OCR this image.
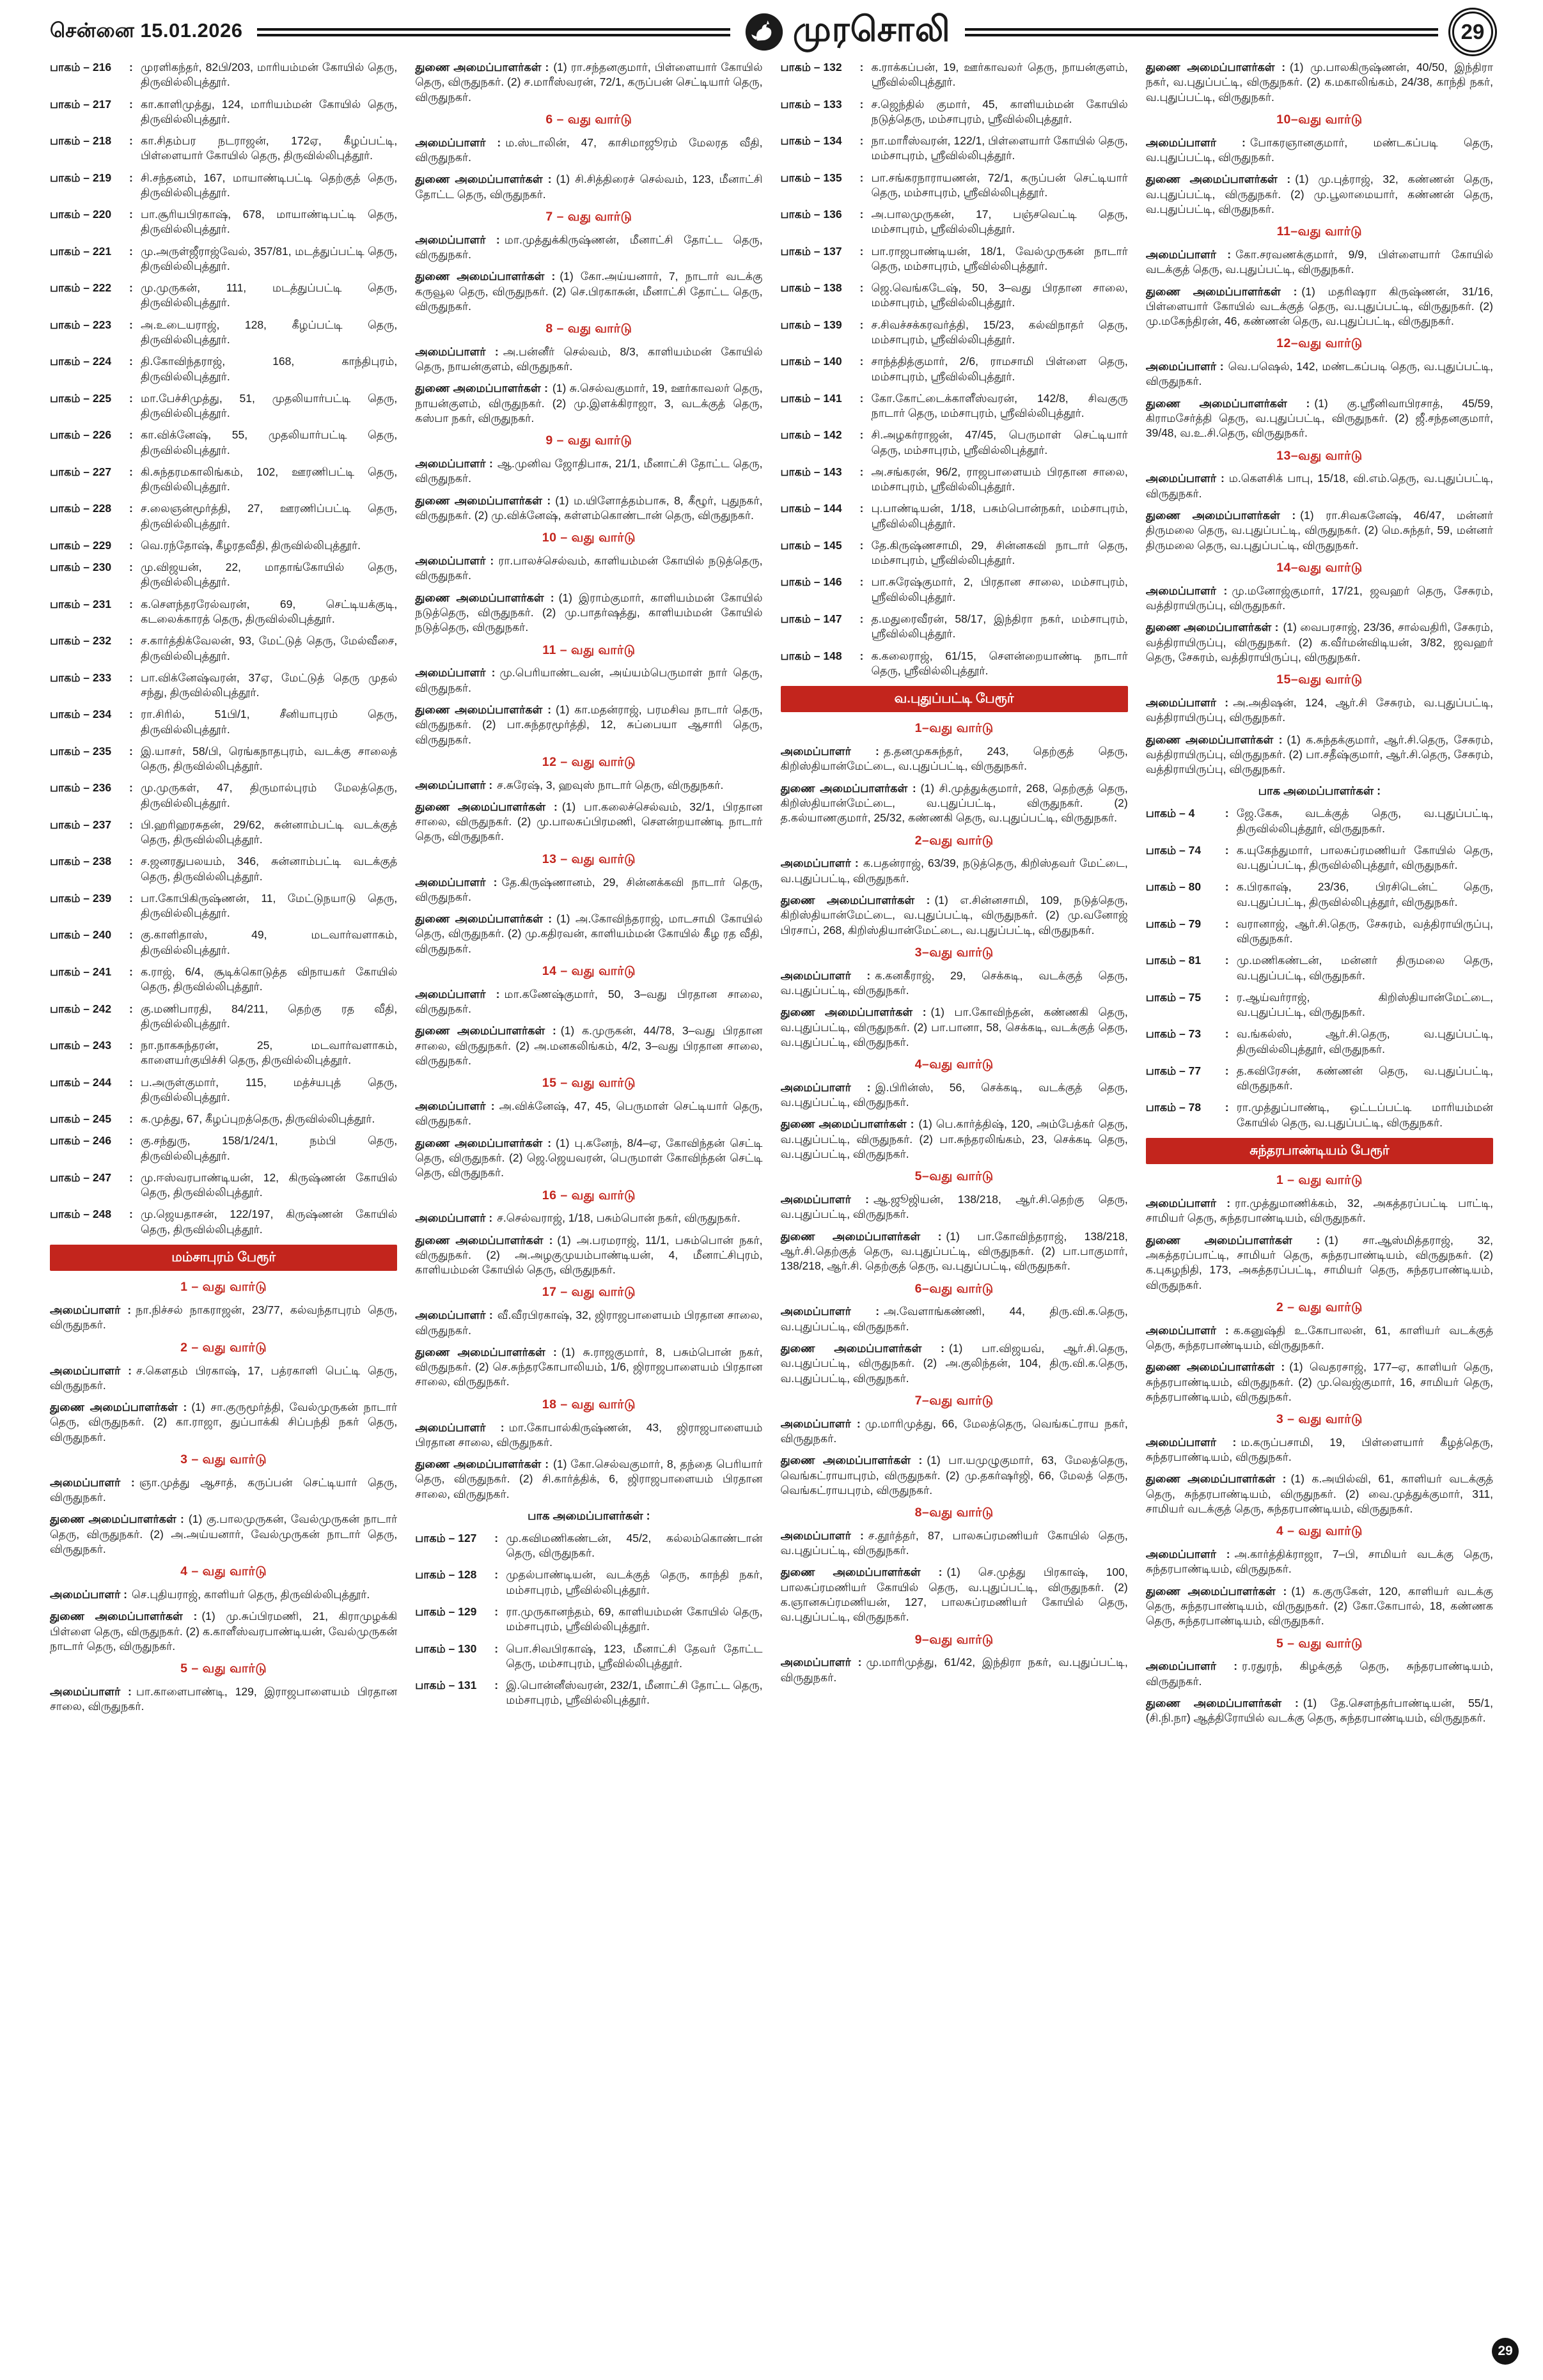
சென்னை 15.01.2026	முரசொலி	29

பாகம் – 216 : முரளிகந்தர், 82பி/203, மாரியம்மன் கோயில் தெரு, திருவில்லிபுத்தூர்.

பாகம் – 217 : கா.காளிமுத்து, 124, மாரியம்மன் கோயில் தெரு, திருவில்லிபுத்தூர்.

பாகம் – 218 : கா.சிதம்பர நடராஜன், 172ஏ, கீழப்பட்டி, பிள்ளையார் கோயில் தெரு, திருவில்லிபுத்தூர்.

பாகம் – 219 : சி.சந்தனம், 167, மாயாண்டிபட்டி தெற்குத் தெரு, திருவில்லிபுத்தூர்.

பாகம் – 220 : பா.சூரியபிரகாஷ், 678, மாயாண்டிபட்டி தெரு, திருவில்லிபுத்தூர்.

பாகம் – 221 : மு.அருள்ஜீராஜ்வேல், 357/81, மடத்துப்பட்டி தெரு, திருவில்லிபுத்தூர்.

பாகம் – 222 : மு.முருகன், 111, மடத்துப்பட்டி தெரு, திருவில்லிபுத்தூர்.

பாகம் – 223 : அ.உடையராஜ், 128, கீழப்பட்டி தெரு, திருவில்லிபுத்தூர்.

பாகம் – 224 : தி.கோவிந்தராஜ், 168, காந்திபுரம், திருவில்லிபுத்தூர்.

பாகம் – 225 : மா.பேச்சிமுத்து, 51, முதலியார்பட்டி தெரு, திருவில்லிபுத்தூர்.

பாகம் – 226 : கா.விக்னேஷ், 55, முதலியார்பட்டி தெரு, திருவில்லிபுத்தூர்.

பாகம் – 227 : கி.சுந்தரமகாலிங்கம், 102, ஊரணிபட்டி தெரு, திருவில்லிபுத்தூர்.

பாகம் – 228 : ச.லைஞன்மூர்த்தி, 27, ஊரணிப்பட்டி தெரு, திருவில்லிபுத்தூர்.

பாகம் – 229 : வெ.ரந்தோஷ், கீழரதவீதி, திருவில்லிபுத்தூர்.

பாகம் – 230 : மு.விஜயன், 22, மாதாங்கோயில் தெரு, திருவில்லிபுத்தூர்.

பாகம் – 231 : க.சௌந்தரரேல்வரன், 69, செட்டியக்குடி, கடலைக்காரத் தெரு, திருவில்லிபுத்தூர்.

பாகம் – 232 : ச.கார்த்திக்வேலன், 93, மேட்டுத் தெரு, மேல்வீசை, திருவில்லிபுத்தூர்.

பாகம் – 233 : பா.விக்னேஷ்வரன், 37ஏ, மேட்டுத் தெரு முதல் சந்து, திருவில்லிபுத்தூர்.

பாகம் – 234 : ரா.சிரில், 51பி/1, சீனியாபுரம் தெரு, திருவில்லிபுத்தூர்.

பாகம் – 235 : இ.யாசர், 58/பி, ரெங்கநாதபுரம், வடக்கு சாலைத் தெரு, திருவில்லிபுத்தூர்.

பாகம் – 236 : மு.முருகள், 47, திருமால்புரம் மேலத்தெரு, திருவில்லிபுத்தூர்.

பாகம் – 237 : பி.ஹரிஹரசுதன், 29/62, சுன்னாம்பட்டி வடக்குத் தெரு, திருவில்லிபுத்தூர்.

பாகம் – 238 : ச.ஜனரதுபலயம், 346, சுன்னாம்பட்டி வடக்குத் தெரு, திருவில்லிபுத்தூர்.

பாகம் – 239 : பா.கோபிகிருஷ்ணன், 11, மேட்டுநயாடு தெரு, திருவில்லிபுத்தூர்.

பாகம் – 240 : கு.காளிதாஸ், 49, மடவார்வளாகம், திருவில்லிபுத்தூர்.

பாகம் – 241 : க.ராஜ், 6/4, சூடிக்கொடுத்த விநாயகர் கோயில் தெரு, திருவில்லிபுத்தூர்.

பாகம் – 242 : கு.மணிபாரதி, 84/211, தெற்கு ரத வீதி, திருவில்லிபுத்தூர்.

பாகம் – 243 : நா.நாகசுந்தரன், 25, மடவார்வளாகம், காளையர்குயிச்சி தெரு, திருவில்லிபுத்தூர்.

பாகம் – 244 : ப.அருள்குமார், 115, மத்ச்யபுத் தெரு, திருவில்லிபுத்தூர்.

பாகம் – 245 : க.முத்து, 67, கீழப்புறத்தெரு, திருவில்லிபுத்தூர்.

பாகம் – 246 : கு.சந்துரு, 158/1/24/1, நம்பி தெரு, திருவில்லிபுத்தூர்.

பாகம் – 247 : மு.ஈஸ்வரபாண்டியன், 12, கிருஷ்ணன் கோயில் தெரு, திருவில்லிபுத்தூர்.

பாகம் – 248 : மு.ஜெயதாசன், 122/197, கிருஷ்ணன் கோயில் தெரு, திருவில்லிபுத்தூர்.

மம்சாபுரம் பேரூர்
1 – வது வார்டு

அமைப்பாளர் : நா.நிச்சல் நாகராஜன், 23/77, கல்வந்தாபுரம் தெரு, விருதுநகர்.

2 – வது வார்டு

அமைப்பாளர் : ச.கௌதம் பிரகாஷ், 17, பத்ரகாளி பெட்டி தெரு, விருதுநகர்.

துணை அமைப்பாளர்கள் : (1) சா.குருமூர்த்தி, வேல்முருகன் நாடார் தெரு, விருதுநகர். (2) கா.ராஜா, துப்பாக்கி சிப்பந்தி நகர் தெரு, விருதுநகர்.

3 – வது வார்டு

அமைப்பாளர் : ஞா.முத்து ஆசாத், கருப்பன் செட்டியார் தெரு, விருதுநகர்.

துணை அமைப்பாளர்கள் : (1) கு.பாலமுருகன், வேல்முருகன் நாடார் தெரு, விருதுநகர். (2) அ.அய்யனார், வேல்முருகன் நாடார் தெரு, விருதுநகர்.

4 – வது வார்டு

அமைப்பாளர் : செ.புதியராஜ், காளியர் தெரு, திருவில்லிபுத்தூர்.

துணை அமைப்பாளர்கள் : (1) மு.சுப்பிரமணி, 21, கிராமுழக்கி பிள்ளை தெரு, விருதுநகர். (2) க.காளீஸ்வரபாண்டியன், வேல்முருகன் நாடார் தெரு, விருதுநகர்.

5 – வது வார்டு

அமைப்பாளர் : பா.காளைபாண்டி, 129, இராஜபாளையம் பிரதான சாலை, விருதுநகர்.

துணை அமைப்பாளர்கள் : (1) ரா.சந்தனகுமார், பிள்ளையார் கோயில் தெரு, விருதுநகர். (2) ச.மாரீஸ்வரன், 72/1, கருப்பன் செட்டியார் தெரு, விருதுநகர்.

6 – வது வார்டு

அமைப்பாளர் : ம.ஸ்டாலின், 47, காசிமாஜூரம் மேலரத வீதி, விருதுநகர்.

துணை அமைப்பாளர்கள் : (1) சி.சித்திரைச் செல்வம், 123, மீனாட்சி தோட்ட தெரு, விருதுநகர்.

7 – வது வார்டு

அமைப்பாளர் : மா.முத்துக்கிருஷ்ணன், மீனாட்சி தோட்ட தெரு, விருதுநகர்.

துணை அமைப்பாளர்கள் : (1) கோ.அய்யனார், 7, நாடார் வடக்கு கருவூல தெரு, விருதுநகர். (2) செ.பிரகாசுன், மீனாட்சி தோட்ட தெரு, விருதுநகர்.

8 – வது வார்டு

அமைப்பாளர் : அ.பன்னீர் செல்வம், 8/3, காளியம்மன் கோயில் தெரு, நாயன்குளம், விருதுநகர்.

துணை அமைப்பாளர்கள் : (1) சு.செல்வகுமார், 19, ஊர்காவலர் தெரு, நாயன்குளம், விருதுநகர். (2) மு.இளக்கிராஜா, 3, வடக்குத் தெரு, கஸ்பா நகர், விருதுநகர்.

9 – வது வார்டு

அமைப்பாளர் : ஆ.முனிவ ஜோதிபாசு, 21/1, மீனாட்சி தோட்ட தெரு, விருதுநகர்.

துணை அமைப்பாளர்கள் : (1) ம.யிளோத்தம்பாசு, 8, கீழூர், புதுநகர், விருதுநகர். (2) மு.விக்னேஷ், கள்ளம்கொண்டான் தெரு, விருதுநகர்.

10 – வது வார்டு

அமைப்பாளர் : ரா.பாலச்செல்வம், காளியம்மன் கோயில் நடுத்தெரு, விருதுநகர்.

துணை அமைப்பாளர்கள் : (1) இராம்குமார், காளியம்மன் கோயில் நடுத்தெரு, விருதுநகர். (2) மு.பாதர்ஷத்து, காளியம்மன் கோயில் நடுத்தெரு, விருதுநகர்.

11 – வது வார்டு

அமைப்பாளர் : மு.பெரியாண்டவன், அய்யம்பெருமாள் நார் தெரு, விருதுநகர்.

துணை அமைப்பாளர்கள் : (1) கா.மதன்ராஜ், பரமசிவ நாடார் தெரு, விருதுநகர். (2) பா.சுந்தரமூர்த்தி, 12, சுப்பையா ஆசாரி தெரு, விருதுநகர்.

12 – வது வார்டு

அமைப்பாளர் : ச.சுரேஷ், 3, ஹவுஸ் நாடார் தெரு, விருதுநகர்.

துணை அமைப்பாளர்கள் : (1) பா.கலைச்செல்வம், 32/1, பிரதான சாலை, விருதுநகர். (2) மு.பாலசுப்பிரமணி, சௌன்றயாண்டி நாடார் தெரு, விருதுநகர்.

13 – வது வார்டு

அமைப்பாளர் : தே.கிருஷ்ணானம், 29, சின்னக்கவி நாடார் தெரு, விருதுநகர்.

துணை அமைப்பாளர்கள் : (1) அ.கோவிந்தராஜ், மாடசாமி கோயில் தெரு, விருதுநகர். (2) மு.கதிரவன், காளியம்மன் கோயில் கீழ ரத வீதி, விருதுநகர்.

14 – வது வார்டு

அமைப்பாளர் : மா.கணேஷ்குமார், 50, 3–வது பிரதான சாலை, விருதுநகர்.

துணை அமைப்பாளர்கள் : (1) க.முருகன், 44/78, 3–வது பிரதான சாலை, விருதுநகர். (2) அ.மனகலிங்கம், 4/2, 3–வது பிரதான சாலை, விருதுநகர்.

15 – வது வார்டு

அமைப்பாளர் : அ.விக்னேஷ், 47, 45, பெருமாள் செட்டியார் தெரு, விருதுநகர்.

துணை அமைப்பாளர்கள் : (1) பு.கனேந், 8/4–ஏ, கோவிந்தன் செட்டி தெரு, விருதுநகர். (2) ஜெ.ஜெயவரன், பெருமாள் கோவிந்தன் செட்டி தெரு, விருதுநகர்.

16 – வது வார்டு

அமைப்பாளர் : ச.செல்வராஜ், 1/18, பசும்பொன் நகர், விருதுநகர்.

துணை அமைப்பாளர்கள் : (1) அ.பரமராஜ், 11/1, பசும்பொன் நகர், விருதுநகர். (2) அ.அழகுமுயம்பாண்டியன், 4, மீனாட்சிபுரம், காளியம்மன் கோயில் தெரு, விருதுநகர்.

17 – வது வார்டு

அமைப்பாளர் : வீ.வீரபிரகாஷ், 32, ஜிராஜபாளையம் பிரதான சாலை, விருதுநகர்.

துணை அமைப்பாளர்கள் : (1) சு.ராஜகுமார், 8, பசும்பொன் நகர், விருதுநகர். (2) செ.சுந்தரகோபாலியம், 1/6, ஜிராஜபாளையம் பிரதான சாலை, விருதுநகர்.

18 – வது வார்டு

அமைப்பாளர் : மா.கோபால்கிருஷ்ணன், 43, ஜிராஜபாளையம் பிரதான சாலை, விருதுநகர்.

துணை அமைப்பாளர்கள் : (1) கோ.செல்வகுமார், 8, தந்தை பெரியார் தெரு, விருதுநகர். (2) சி.கார்த்திக், 6, ஜிராஜபாளையம் பிரதான சாலை, விருதுநகர்.

பாக அமைப்பாளர்கள் :

பாகம் – 127 : மு.கவிமணிகண்டன், 45/2, கல்லம்கொண்டான் தெரு, விருதுநகர்.

பாகம் – 128 : முதல்பாண்டியன், வடக்குத் தெரு, காந்தி நகர், மம்சாபுரம், ஸ்ரீவில்லிபுத்தூர்.

பாகம் – 129 : ரா.முருகானந்தம், 69, காளியம்மன் கோயில் தெரு, மம்சாபுரம், ஸ்ரீவில்லிபுத்தூர்.

பாகம் – 130 : பொ.சிவபிரகாஷ், 123, மீனாட்சி தேவர் தோட்ட தெரு, மம்சாபுரம், ஸ்ரீவில்லிபுத்தூர்.

பாகம் – 131 : இ.பொன்னீஸ்வரன், 232/1, மீனாட்சி தோட்ட தெரு, மம்சாபுரம், ஸ்ரீவில்லிபுத்தூர்.

பாகம் – 132 : க.ராக்கப்பன், 19, ஊர்காவலர் தெரு, நாயன்குளம், ஸ்ரீவில்லிபுத்தூர்.

பாகம் – 133 : ச.ஜெந்தில் குமார், 45, காளியம்மன் கோயில் நடுத்தெரு, மம்சாபுரம், ஸ்ரீவில்லிபுத்தூர்.

பாகம் – 134 : நா.மாரீஸ்வரன், 122/1, பிள்ளையார் கோயில் தெரு, மம்சாபுரம், ஸ்ரீவில்லிபுத்தூர்.

பாகம் – 135 : பா.சங்கரநாராயணன், 72/1, கருப்பன் செட்டியார் தெரு, மம்சாபுரம், ஸ்ரீவில்லிபுத்தூர்.

பாகம் – 136 : அ.பாலமுருகன், 17, பஞ்சவெட்டி தெரு, மம்சாபுரம், ஸ்ரீவில்லிபுத்தூர்.

பாகம் – 137 : பா.ராஜபாண்டியன், 18/1, வேல்முருகன் நாடார் தெரு, மம்சாபுரம், ஸ்ரீவில்லிபுத்தூர்.

பாகம் – 138 : ஜெ.வெங்கடேஷ், 50, 3–வது பிரதான சாலை, மம்சாபுரம், ஸ்ரீவில்லிபுத்தூர்.

பாகம் – 139 : ச.சிவச்சக்கரவர்த்தி, 15/23, கல்விநாதர் தெரு, மம்சாபுரம், ஸ்ரீவில்லிபுத்தூர்.

பாகம் – 140 : சாந்த்தித்குமார், 2/6, ராமசாமி பிள்ளை தெரு, மம்சாபுரம், ஸ்ரீவில்லிபுத்தூர்.

பாகம் – 141 : கோ.கோட்டைக்காளீஸ்வரன், 142/8, சிவகுரு நாடார் தெரு, மம்சாபுரம், ஸ்ரீவில்லிபுத்தூர்.

பாகம் – 142 : சி.அழகர்ராஜன், 47/45, பெருமாள் செட்டியார் தெரு, மம்சாபுரம், ஸ்ரீவில்லிபுத்தூர்.

பாகம் – 143 : அ.சங்கரன், 96/2, ராஜபாளையம் பிரதான சாலை, மம்சாபுரம், ஸ்ரீவில்லிபுத்தூர்.

பாகம் – 144 : பு.பாண்டியன், 1/18, பசும்பொன்நகர், மம்சாபுரம், ஸ்ரீவில்லிபுத்தூர்.

பாகம் – 145 : தே.கிருஷ்ணசாமி, 29, சின்னகவி நாடார் தெரு, மம்சாபுரம், ஸ்ரீவில்லிபுத்தூர்.

பாகம் – 146 : பா.சுரேஷ்குமார், 2, பிரதான சாலை, மம்சாபுரம், ஸ்ரீவில்லிபுத்தூர்.

பாகம் – 147 : த.மதுரைவீரன், 58/17, இந்திரா நகர், மம்சாபுரம், ஸ்ரீவில்லிபுத்தூர்.

பாகம் – 148 : க.கலைராஜ், 61/15, சௌன்றையாண்டி நாடார் தெரு, ஸ்ரீவில்லிபுத்தூர்.

வ.புதுப்பட்டி பேரூர்
1–வது வார்டு

அமைப்பாளர் : த.தனமுகசுந்தர், 243, தெற்குத் தெரு, கிறிஸ்தியான்மேட்டை, வ.புதுப்பட்டி, விருதுநகர்.

துணை அமைப்பாளர்கள் : (1) சி.முத்துக்குமார், 268, தெற்குத் தெரு, கிறிஸ்தியான்மேட்டை, வ.புதுப்பட்டி, விருதுநகர். (2) த.கல்யாணகுமார், 25/32, கண்ணகி தெரு, வ.புதுப்பட்டி, விருதுநகர்.

2–வது வார்டு

அமைப்பாளர் : க.பதன்ராஜ், 63/39, நடுத்தெரு, கிறிஸ்தவர் மேட்டை, வ.புதுப்பட்டி, விருதுநகர்.

துணை அமைப்பாளர்கள் : (1) எ.சின்னசாமி, 109, நடுத்தெரு, கிறிஸ்தியான்மேட்டை, வ.புதுப்பட்டி, விருதுநகர். (2) மு.வனோஜ் பிரசாப், 268, கிறிஸ்தியான்மேட்டை, வ.புதுப்பட்டி, விருதுநகர்.

3–வது வார்டு

அமைப்பாளர் : க.கனகீராஜ், 29, செக்கடி, வடக்குத் தெரு, வ.புதுப்பட்டி, விருதுநகர்.

துணை அமைப்பாளர்கள் : (1) பா.கோவிந்தன், கண்ணகி தெரு, வ.புதுப்பட்டி, விருதுநகர். (2) பா.பானா, 58, செக்கடி, வடக்குத் தெரு, வ.புதுப்பட்டி, விருதுநகர்.

4–வது வார்டு

அமைப்பாளர் : இ.பிரின்ஸ், 56, செக்கடி, வடக்குத் தெரு, வ.புதுப்பட்டி, விருதுநகர்.

துணை அமைப்பாளர்கள் : (1) பெ.கார்த்திஷ், 120, அம்பேத்கர் தெரு, வ.புதுப்பட்டி, விருதுநகர். (2) பா.சுந்தரலிங்கம், 23, செக்கடி தெரு, வ.புதுப்பட்டி, விருதுநகர்.

5–வது வார்டு

அமைப்பாளர் : ஆ.ஜூஜியன், 138/218, ஆர்.சி.தெற்கு தெரு, வ.புதுப்பட்டி, விருதுநகர்.

துணை அமைப்பாளர்கள் : (1) பா.கோவிந்தராஜ், 138/218, ஆர்.சி.தெற்குத் தெரு, வ.புதுப்பட்டி, விருதுநகர். (2) பா.பாகுமார், 138/218, ஆர்.சி. தெற்குத் தெரு, வ.புதுப்பட்டி, விருதுநகர்.

6–வது வார்டு

அமைப்பாளர் : அ.வேளாங்கண்ணி, 44, திரு.வி.க.தெரு, வ.புதுப்பட்டி, விருதுநகர்.

துணை அமைப்பாளர்கள் : (1) பா.விஜயவ், ஆர்.சி.தெரு, வ.புதுப்பட்டி, விருதுநகர். (2) அ.குலிந்தன், 104, திரு.வி.க.தெரு, வ.புதுப்பட்டி, விருதுநகர்.

7–வது வார்டு

அமைப்பாளர் : மு.மாரிமுத்து, 66, மேலத்தெரு, வெங்கட்ராய நகர், விருதுநகர்.

துணை அமைப்பாளர்கள் : (1) பா.யமுழுகுமார், 63, மேலத்தெரு, வெங்கட்ராயாபுரம், விருதுநகர். (2) மு.தகர்ஷர்ஜி, 66, மேலத் தெரு, வெங்கட்ராயபுரம், விருதுநகர்.

8–வது வார்டு

அமைப்பாளர் : ச.தூர்த்தர், 87, பாலசுப்ரமணியர் கோயில் தெரு, வ.புதுப்பட்டி, விருதுநகர்.

துணை அமைப்பாளர்கள் : (1) செ.முத்து பிரகாஷ், 100, பாலசுப்ரமணியர் கோயில் தெரு, வ.புதுப்பட்டி, விருதுநகர். (2) க.ஞானசுப்ரமணியன், 127, பாலசுப்ரமணியர் கோயில் தெரு, வ.புதுப்பட்டி, விருதுநகர்.

9–வது வார்டு

அமைப்பாளர் : மு.மாரிமுத்து, 61/42, இந்திரா நகர், வ.புதுப்பட்டி, விருதுநகர்.

துணை அமைப்பாளர்கள் : (1) மு.பாலகிருஷ்ணன், 40/50, இந்திரா நகர், வ.புதுப்பட்டி, விருதுநகர். (2) க.மகாலிங்கம், 24/38, காந்தி நகர், வ.புதுப்பட்டி, விருதுநகர்.

10–வது வார்டு

அமைப்பாளர் : போகரஞானகுமார், மண்டகப்படி தெரு, வ.புதுப்பட்டி, விருதுநகர்.

துணை அமைப்பாளர்கள் : (1) மு.புத்ராஜ், 32, கண்ணன் தெரு, வ.புதுப்பட்டி, விருதுநகர். (2) மு.பூலாமையார், கண்ணன் தெரு, வ.புதுப்பட்டி, விருதுநகர்.

11–வது வார்டு

அமைப்பாளர் : கோ.சரவணக்குமார், 9/9, பிள்ளையார் கோயில் வடக்குத் தெரு, வ.புதுப்பட்டி, விருதுநகர்.

துணை அமைப்பாளர்கள் : (1) மதரிஷரா கிருஷ்ணன், 31/16, பிள்ளையார் கோயில் வடக்குத் தெரு, வ.புதுப்பட்டி, விருதுநகர். (2) மு.மகேந்திரன், 46, கண்ணன் தெரு, வ.புதுப்பட்டி, விருதுநகர்.

12–வது வார்டு

அமைப்பாளர் : வெ.பஷெல், 142, மண்டகப்படி தெரு, வ.புதுப்பட்டி, விருதுநகர்.

துணை அமைப்பாளர்கள் : (1) கு.ஸ்ரீனிவாபிரசாத், 45/59, கிராமசேர்த்தி தெரு, வ.புதுப்பட்டி, விருதுநகர். (2) ஜீ.சந்தனகுமார், 39/48, வ.உ.சி.தெரு, விருதுநகர்.

13–வது வார்டு

அமைப்பாளர் : ம.கௌசிக் பாபு, 15/18, வி.எம்.தெரு, வ.புதுப்பட்டி, விருதுநகர்.

துணை அமைப்பாளர்கள் : (1) ரா.சிவகனேஷ், 46/47, மன்னர் திருமலை தெரு, வ.புதுப்பட்டி, விருதுநகர். (2) மெ.சுந்தர், 59, மன்னர் திருமலை தெரு, வ.புதுப்பட்டி, விருதுநகர்.

14–வது வார்டு

அமைப்பாளர் : மு.மனோஜ்குமார், 17/21, ஜவஹர் தெரு, சேசுரம், வத்திராயிருப்பு, விருதுநகர்.

துணை அமைப்பாளர்கள் : (1) வைபரசாஜ், 23/36, சால்வதிரி, சேசுரம், வத்திராயிருப்பு, விருதுநகர். (2) க.வீர்மன்விடியன், 3/82, ஜவஹர் தெரு, சேசுரம், வத்திராயிருப்பு, விருதுநகர்.

15–வது வார்டு

அமைப்பாளர் : அ.அதிஷன், 124, ஆர்.சி சேசுரம், வ.புதுப்பட்டி, வத்திராயிருப்பு, விருதுநகர்.

துணை அமைப்பாளர்கள் : (1) க.சுந்தக்குமார், ஆர்.சி.தெரு, சேசுரம், வத்திராயிருப்பு, விருதுநகர். (2) பா.சதீஷ்குமார், ஆர்.சி.தெரு, சேசுரம், வத்திராயிருப்பு, விருதுநகர்.

பாக அமைப்பாளர்கள் :

பாகம் – 4	: ஜே.கேசு, வடக்குத் தெரு, வ.புதுப்பட்டி, திருவில்லிபுத்தூர், விருதுநகர்.

பாகம் – 74 : க.யுகேந்துமார், பாலசுப்ரமணியர் கோயில் தெரு, வ.புதுப்பட்டி, திருவில்லிபுத்தூர், விருதுநகர்.

பாகம் – 80 : க.பிரகாஷ், 23/36, பிரசிடென்ட் தெரு, வ.புதுப்பட்டி, திருவில்லிபுத்தூர், விருதுநகர்.

பாகம் – 79 : வரானாஜ், ஆர்.சி.தெரு, சேசுரம், வத்திராயிருப்பு, விருதுநகர்.

பாகம் – 81 : மு.மணிகண்டன், மன்னர் திருமலை தெரு, வ.புதுப்பட்டி, விருதுநகர்.

பாகம் – 75 : ர.ஆய்வர்ராஜ், கிறிஸ்தியான்மேட்டை, வ.புதுப்பட்டி, விருதுநகர்.

பாகம் – 73 : வ.ங்கல்ஸ், ஆர்.சி.தெரு, வ.புதுப்பட்டி, திருவில்லிபுத்தூர், விருதுநகர்.

பாகம் – 77 : த.கவிரேசன், கண்ணன் தெரு, வ.புதுப்பட்டி, விருதுநகர்.

பாகம் – 78 : ரா.முத்துப்பாண்டி, ஒட்டப்பட்டி மாரியம்மன் கோயில் தெரு, வ.புதுப்பட்டி, விருதுநகர்.

சுந்தரபாண்டியம் பேரூர்
1 – வது வார்டு

அமைப்பாளர் : ரா.முத்துமாணிக்கம், 32, அகத்தரப்பட்டி பாட்டி, சாமியர் தெரு, சுந்தரபாண்டியம், விருதுநகர்.

துணை அமைப்பாளர்கள் : (1) சா.ஆஸ்மித்தராஜ், 32, அகத்தரப்பாட்டி, சாமியர் தெரு, சுந்தரபாண்டியம், விருதுநகர். (2) க.புகழநிதி, 173, அகத்தரப்பட்டி, சாமியர் தெரு, சுந்தரபாண்டியம், விருதுநகர்.

2 – வது வார்டு

அமைப்பாளர் : க.கனுஷ்தி உ.கோபாலன், 61, காளியர் வடக்குத் தெரு, சுந்தரபாண்டியம், விருதுநகர்.

துணை அமைப்பாளர்கள் : (1) வெதரசாஜ், 177–ஏ, காளியர் தெரு, சுந்தரபாண்டியம், விருதுநகர். (2) மு.வெஜ்குமார், 16, சாமியர் தெரு, சுந்தரபாண்டியம், விருதுநகர்.

3 – வது வார்டு

அமைப்பாளர் : ம.கருப்பசாமி, 19, பிள்ளையார் கீழத்தெரு, சுந்தரபாண்டியம், விருதுநகர்.

துணை அமைப்பாளர்கள் : (1) க.அயில்வி, 61, காளியர் வடக்குத் தெரு, சுந்தரபாண்டியம், விருதுநகர். (2) வை.முத்துக்குமார், 311, சாமியர் வடக்குத் தெரு, சுந்தரபாண்டியம், விருதுநகர்.

4 – வது வார்டு

அமைப்பாளர் : அ.கார்த்திக்ராஜா, 7–பி, சாமியர் வடக்கு தெரு, சுந்தரபாண்டியம், விருதுநகர்.

துணை அமைப்பாளர்கள் : (1) க.குருகேள், 120, காளியர் வடக்கு தெரு, சுந்தரபாண்டியம், விருதுநகர். (2) கோ.கோபால், 18, கண்ணக தெரு, சுந்தரபாண்டியம், விருதுநகர்.

5 – வது வார்டு

அமைப்பாளர் : ர.ரதுரந், கிழக்குத் தெரு, சுந்தரபாண்டியம், விருதுநகர்.

துணை அமைப்பாளர்கள் : (1) தே.சௌந்தர்பாண்டியன், 55/1, (சி.நி.நா) ஆத்திரோயில் வடக்கு தெரு, சுந்தரபாண்டியம், விருதுநகர்.

29
